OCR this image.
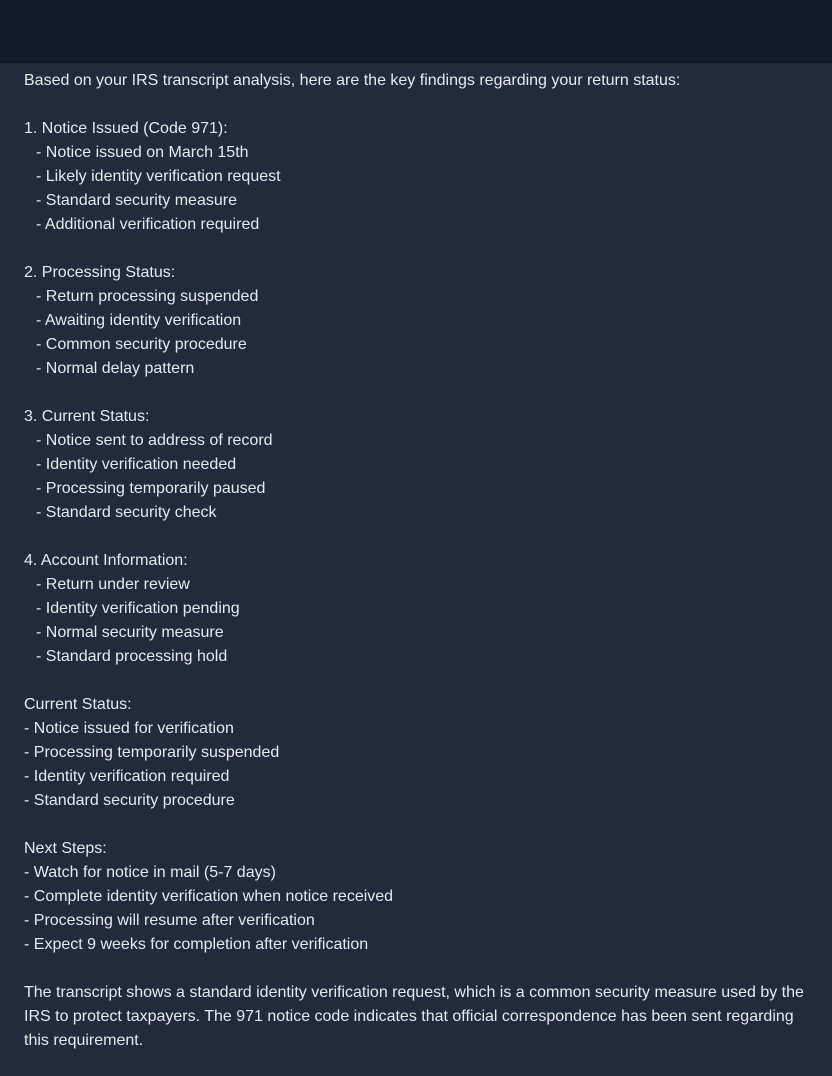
Based on your IRS transcript analysis, here are the key findings regarding your return status:
1. Notice Issued (Code 971):
- Notice issued on March 15th
- Likely identity verification request
- Standard security measure
- Additional verification required
2. Processing Status:
- Return processing suspended
- Awaiting identity verification
- Common security procedure
- Normal delay pattern
3. Current Status:
- Notice sent to address of record
- Identity verification needed
- Processing temporarily paused
- Standard security check
4. Account Information:
- Return under review
- Identity verification pending
- Normal security measure
- Standard processing hold
Current Status:
- Notice issued for verification
- Processing temporarily suspended
- Identity verification required
- Standard security procedure
Next Steps:
- Watch for notice in mail (5-7 days)
- Complete identity verification when notice received
- Processing will resume after verification
- Expect 9 weeks for completion after verification
The transcript shows a standard identity verification request, which is a common security measure used by the IRS to protect taxpayers. The 971 notice code indicates that official correspondence has been sent regarding this requirement.
